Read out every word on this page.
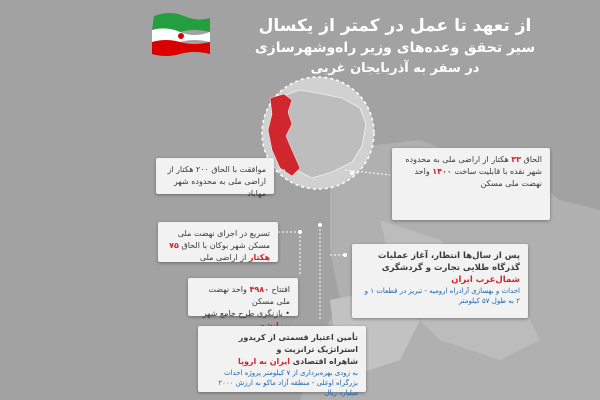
از تعهد تا عمل در کمتر از یکسال
سیر تحقق وعده‌های وزیر راه‌وشهرسازی
در سفر به آذربایجان غربی
موافقت با الحاق ۲۰۰ هکتار از اراضی ملی به محدوده شهر مهاباد
الحاق ۳۳ هکتار از اراضی ملی به محدوده شهر نقده با قابلیت ساخت ۱۴۰۰ واحد نهضت ملی مسکن
تسریع در اجرای نهضت ملی مسکن شهر بوکان با الحاق ۷۵ هکتار از اراضی ملی	پس از سال‌ها انتظار، آغاز عملیات
گذرگاه طلایی تجارت و گردشگری
شمال‌غرب ایران
احداث و بهسازی آزادراه ارومیه - تبریز در قطعات ۱ و ۲ به طول ۵۷ کیلومتر
افتتاح ۴۹۸۰ واحد نهضت ملی مسکن
• بازنگری طرح جامع شهر
تأمین اعتبار قسمتی از کریدور استراتژیک ترانزیت و
شاهراه اقتصادی ایران به اروپا
به زودی بهره‌برداری از ۷ کیلومتر پروژه احداث بزرگراه اوغلی - منطقه آزاد ماکو به ارزش ۲۰۰۰ میلیارد ریال
